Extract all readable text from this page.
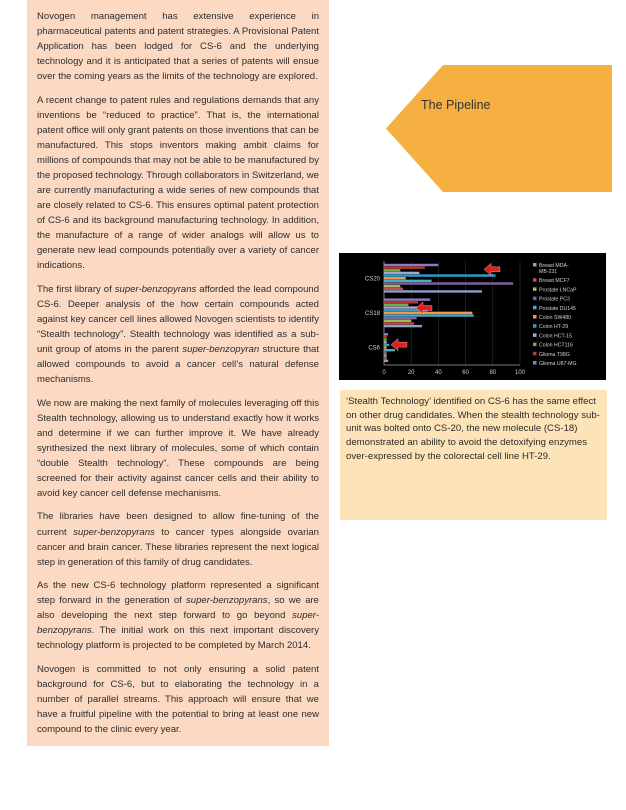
Novogen management has extensive experience in pharmaceutical patents and patent strategies. A Provisional Patent Application has been lodged for CS-6 and the underlying technology and it is anticipated that a series of patents will ensue over the coming years as the limits of the technology are explored.

A recent change to patent rules and regulations demands that any inventions be “reduced to practice”. That is, the international patent office will only grant patents on those inventions that can be manufactured. This stops inventors making ambit claims for millions of compounds that may not be able to be manufactured by the proposed technology. Through collaborators in Switzerland, we are currently manufacturing a wide series of new compounds that are closely related to CS-6. This ensures optimal patent protection of CS-6 and its background manufacturing technology. In addition, the manufacture of a range of wider analogs will allow us to generate new lead compounds potentially over a variety of cancer indications.

The first library of super-benzopyrans afforded the lead compound CS-6. Deeper analysis of the how certain compounds acted against key cancer cell lines allowed Novogen scientists to identify “Stealth technology”. Stealth technology was identified as a sub-unit group of atoms in the parent super-benzopyran structure that allowed compounds to avoid a cancer cell’s natural defense mechanisms.

We now are making the next family of molecules leveraging off this Stealth technology, allowing us to understand exactly how it works and determine if we can further improve it. We have already synthesized the next library of molecules, some of which contain “double Stealth technology”. These compounds are being screened for their activity against cancer cells and their ability to avoid key cancer cell defense mechanisms.

The libraries have been designed to allow fine-tuning of the current super-benzopyrans to cancer types alongside ovarian cancer and brain cancer. These libraries represent the next logical step in generation of this family of drug candidates.

As the new CS-6 technology platform represented a significant step forward in the generation of super-benzopyrans, so we are also developing the next step forward to go beyond super-benzopyrans. The initial work on this next important discovery technology platform is projected to be completed by March 2014.

Novogen is committed to not only ensuring a solid patent background for CS-6, but to elaborating the technology in a number of parallel streams. This approach will ensure that we have a fruitful pipeline with the potential to bring at least one new compound to the clinic every year.

The Pipeline
0	20	40	60	80	100
CS6
CS18
CS20
Breast MDA-MB-231
Breast MCF7
Prostate LNCaP
Prostate PC3
Prostate DU145
Colon SW480
Colon HT-29
Colon HCT-15
Colon HCT116
Glioma T98G
Glioma U87-MG

‘Stealth Technology’ identified on CS-6 has the same effect on other drug candidates. When the stealth technology sub-unit was bolted onto CS-20, the new molecule (CS-18) demonstrated an ability to avoid the detoxifying enzymes over-expressed by the colorectal cell line HT-29.
